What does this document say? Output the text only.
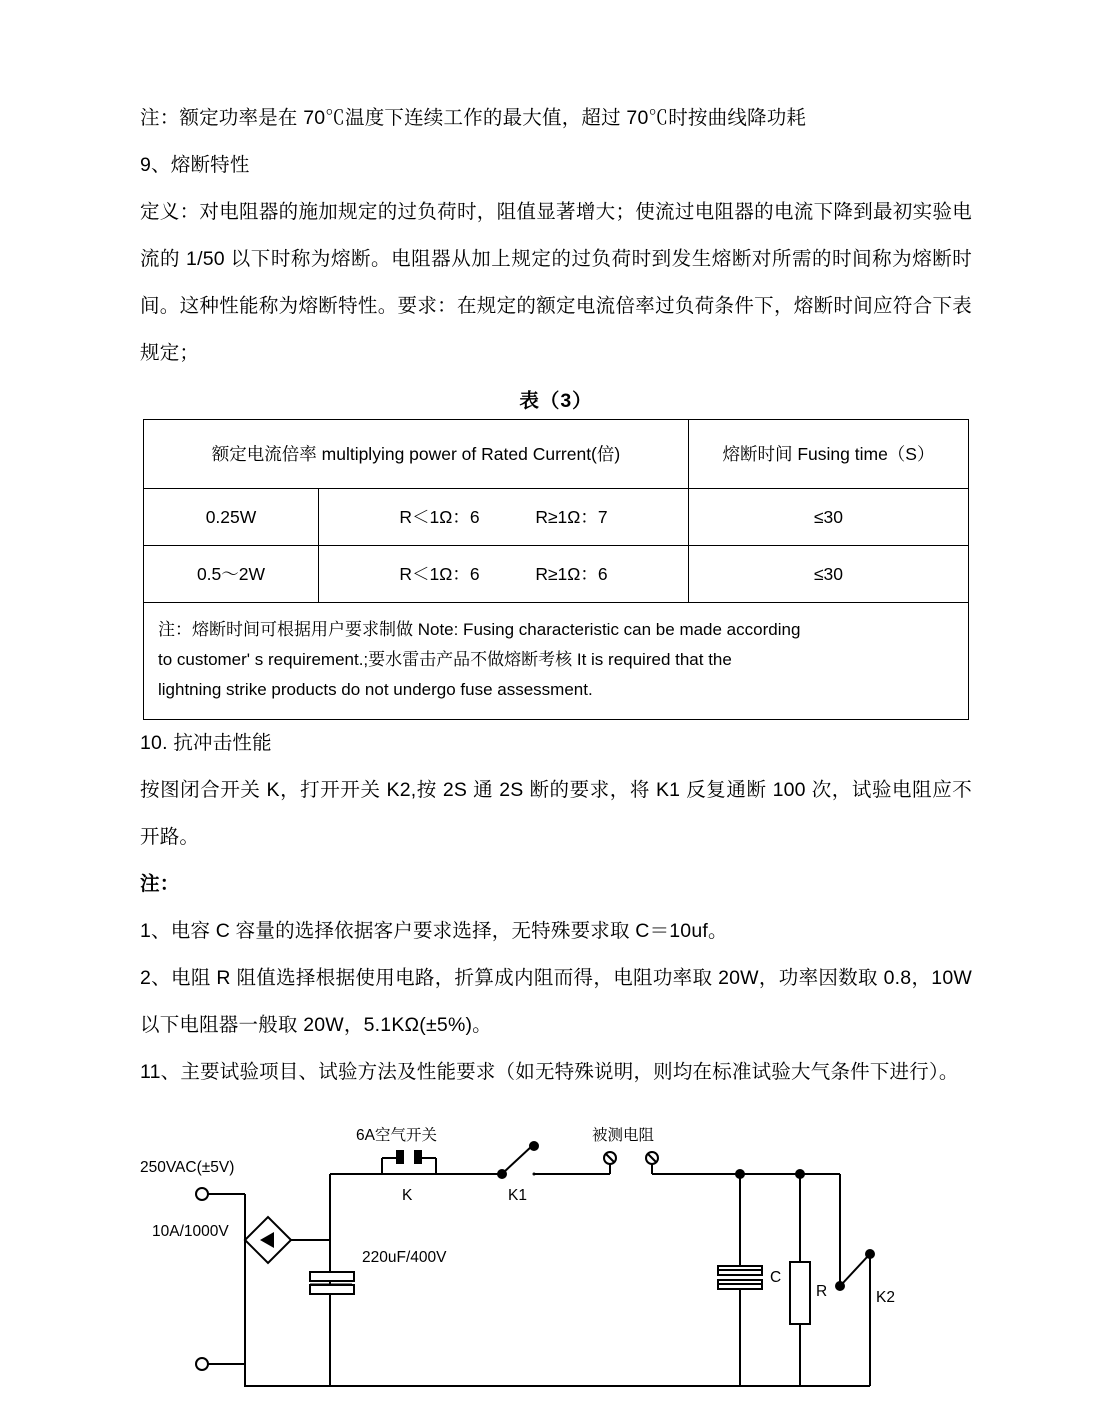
注：额定功率是在 70℃温度下连续工作的最大值，超过 70℃时按曲线降功耗

9、熔断特性

定义：对电阻器的施加规定的过负荷时，阻值显著增大；使流过电阻器的电流下降到最初实验电流的 1/50 以下时称为熔断。电阻器从加上规定的过负荷时到发生熔断对所需的时间称为熔断时间。这种性能称为熔断特性。要求：在规定的额定电流倍率过负荷条件下，熔断时间应符合下表规定；

表（3）
额定电流倍率 multiplying power of Rated Current(倍)		熔断时间 Fusing time（S）
0.25W	R＜1Ω：6 R≥1Ω：7	≤30
0.5～2W	R＜1Ω：6 R≥1Ω：6	≤30

注：熔断时间可根据用户要求制做 Note: Fusing characteristic can be made according
to customer' s requirement.;要水雷击产品不做熔断考核 It is required that the
lightning strike products do not undergo fuse assessment.		

10. 抗冲击性能

按图闭合开关 K，打开开关 K2,按 2S 通 2S 断的要求，将 K1 反复通断 100 次，试验电阻应不开路。

注：

1、电容 C 容量的选择依据客户要求选择，无特殊要求取 C＝10uf。

2、电阻 R 阻值选择根据使用电路，折算成内阻而得，电阻功率取 20W，功率因数取 0.8，10W 以下电阻器一般取 20W，5.1KΩ(±5%)。

11、主要试验项目、试验方法及性能要求（如无特殊说明，则均在标准试验大气条件下进行）。

250VAC(±5V)
10A/1000V
220uF/400V
6A空气开关
K	K1
K2
被测电阻
C
R
